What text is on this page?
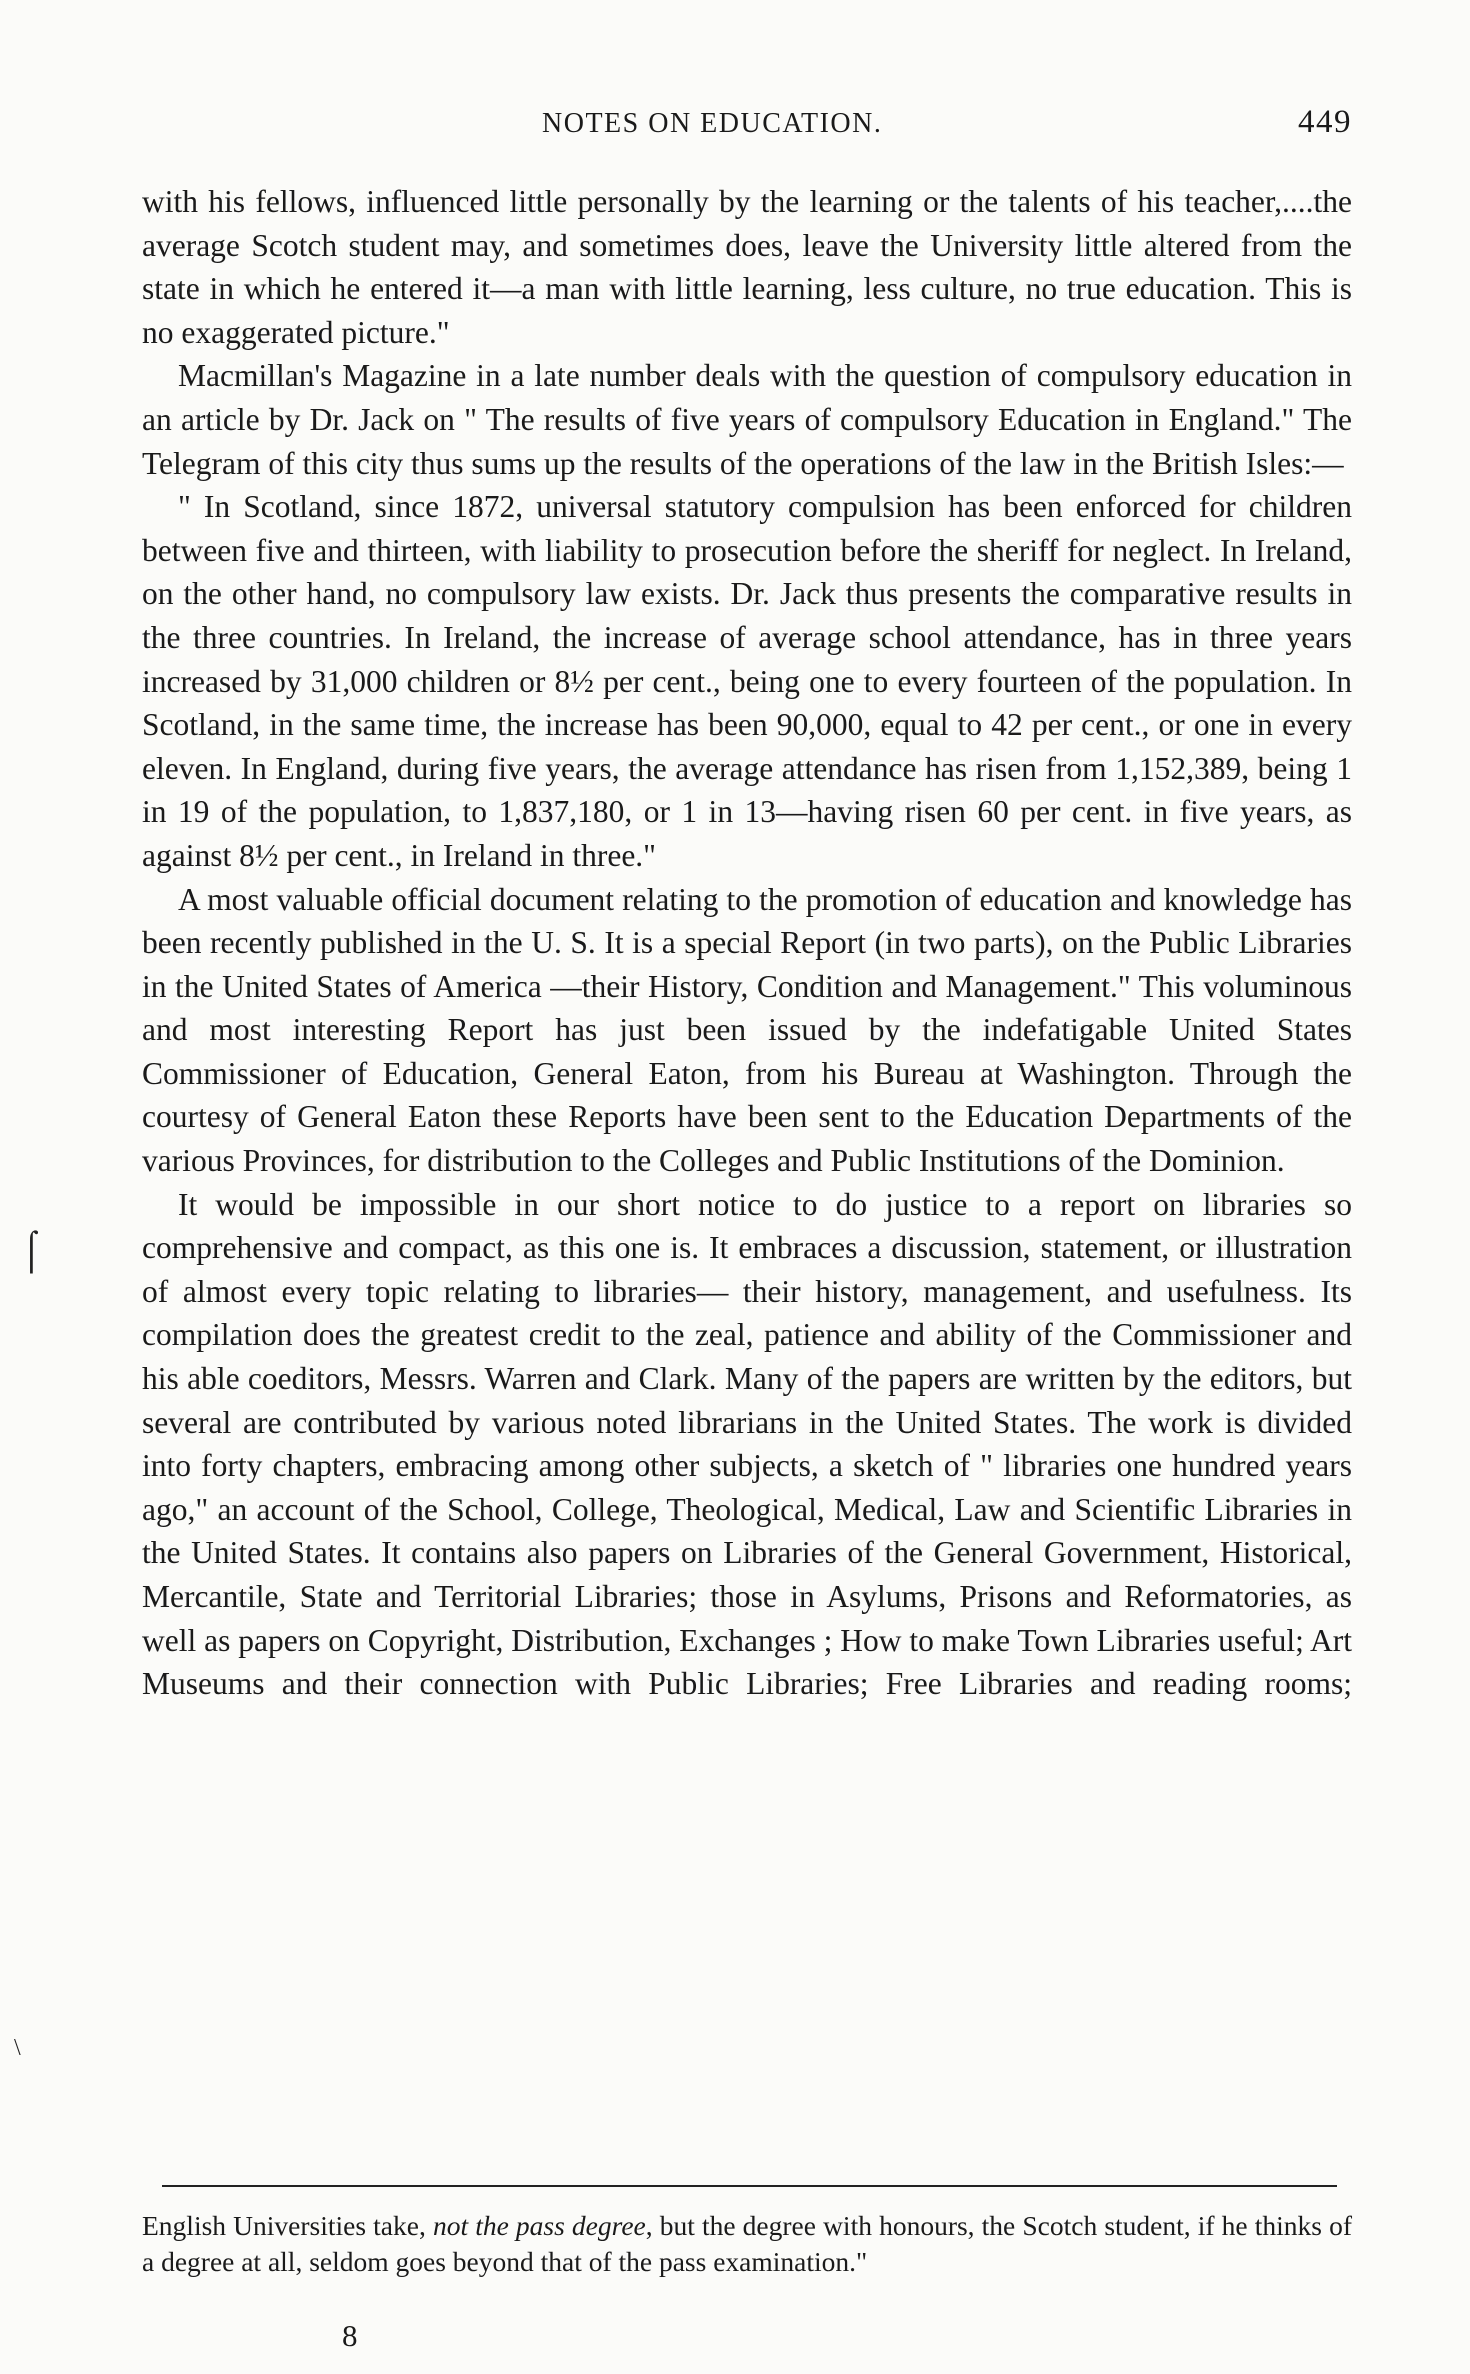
NOTES ON EDUCATION.	449

with his fellows, influenced little personally by the learning or the talents of his teacher,....the average Scotch student may, and sometimes does, leave the University little altered from the state in which he entered it—a man with little learning, less culture, no true education. This is no exaggerated picture."

Macmillan's Magazine in a late number deals with the question of compulsory education in an article by Dr. Jack on " The results of five years of compulsory Education in England." The Telegram of this city thus sums up the results of the operations of the law in the British Isles:—

" In Scotland, since 1872, universal statutory compulsion has been enforced for children between five and thirteen, with liability to prosecution before the sheriff for neglect. In Ireland, on the other hand, no compulsory law exists. Dr. Jack thus presents the comparative results in the three countries. In Ireland, the increase of average school attendance, has in three years increased by 31,000 children or 8½ per cent., being one to every fourteen of the population. In Scotland, in the same time, the increase has been 90,000, equal to 42 per cent., or one in every eleven. In England, during five years, the average attendance has risen from 1,152,389, being 1 in 19 of the population, to 1,837,180, or 1 in 13—having risen 60 per cent. in five years, as against 8½ per cent., in Ireland in three."

A most valuable official document relating to the promotion of education and knowledge has been recently published in the U. S. It is a special Report (in two parts), on the Public Libraries in the United States of America —their History, Condition and Management." This voluminous and most interesting Report has just been issued by the indefatigable United States Commissioner of Education, General Eaton, from his Bureau at Washington. Through the courtesy of General Eaton these Reports have been sent to the Education Departments of the various Provinces, for distribution to the Colleges and Public Institutions of the Dominion.

It would be impossible in our short notice to do justice to a report on libraries so comprehensive and compact, as this one is. It embraces a discussion, statement, or illustration of almost every topic relating to libraries— their history, management, and usefulness. Its compilation does the greatest credit to the zeal, patience and ability of the Commissioner and his able coeditors, Messrs. Warren and Clark. Many of the papers are written by the editors, but several are contributed by various noted librarians in the United States. The work is divided into forty chapters, embracing among other subjects, a sketch of " libraries one hundred years ago," an account of the School, College, Theological, Medical, Law and Scientific Libraries in the United States. It contains also papers on Libraries of the General Government, Historical, Mercantile, State and Territorial Libraries; those in Asylums, Prisons and Reformatories, as well as papers on Copyright, Distribution, Exchanges ; How to make Town Libraries useful; Art Museums and their connection with Public Libraries; Free Libraries and reading rooms;

English Universities take, not the pass degree, but the degree with honours, the Scotch student, if he thinks of a degree at all, seldom goes beyond that of the pass examination."

8
⌠
\
